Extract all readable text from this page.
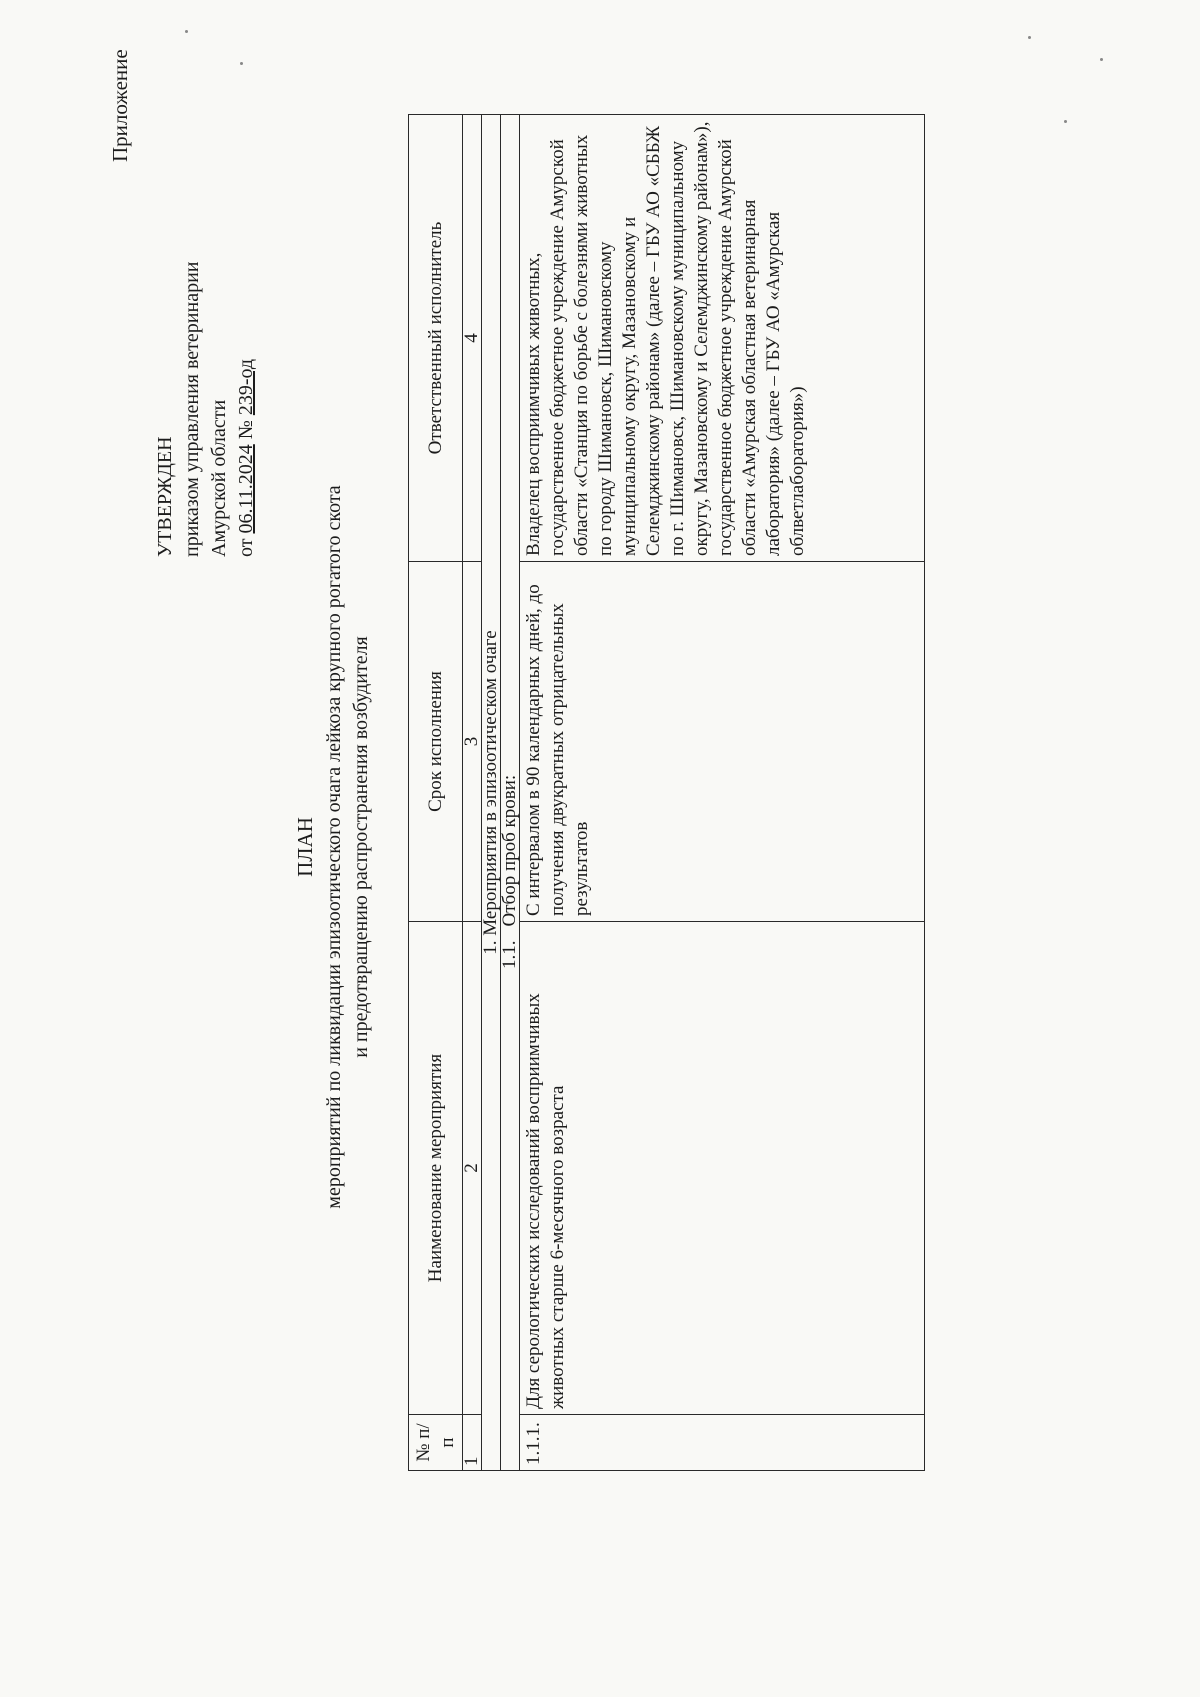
Приложение

УТВЕРЖДЕН приказом управления ветеринарии Амурской области от 06.11.2024 № 239-од

ПЛАН мероприятий по ликвидации эпизоотического очага лейкоза крупного рогатого скота и предотвращению распространения возбудителя

№ п/п	Наименование мероприятия	Срок исполнения	Ответственный исполнитель
1	2	3	4
1. Мероприятия в эпизоотическом очаге			
1.1.Отбор проб крови:			
1.1.1.	Для серологических исследований восприимчивых животных старше 6-месячного возраста	С интервалом в 90 календарных дней, до получения двукратных отрицательных результатов	Владелец восприимчивых животных, государственное бюджетное учреждение Амурской области «Станция по борьбе с болезнями животных по городу Шимановск, Шимановскому муниципальному округу, Мазановскому и Селемджинскому районам» (далее – ГБУ АО «СББЖ по г. Шимановск, Шимановскому муниципальному округу, Мазановскому и Селемджинскому районам»), государственное бюджетное учреждение Амурской области «Амурская областная ветеринарная лаборатория» (далее – ГБУ АО «Амурская облветлаборатория»)
